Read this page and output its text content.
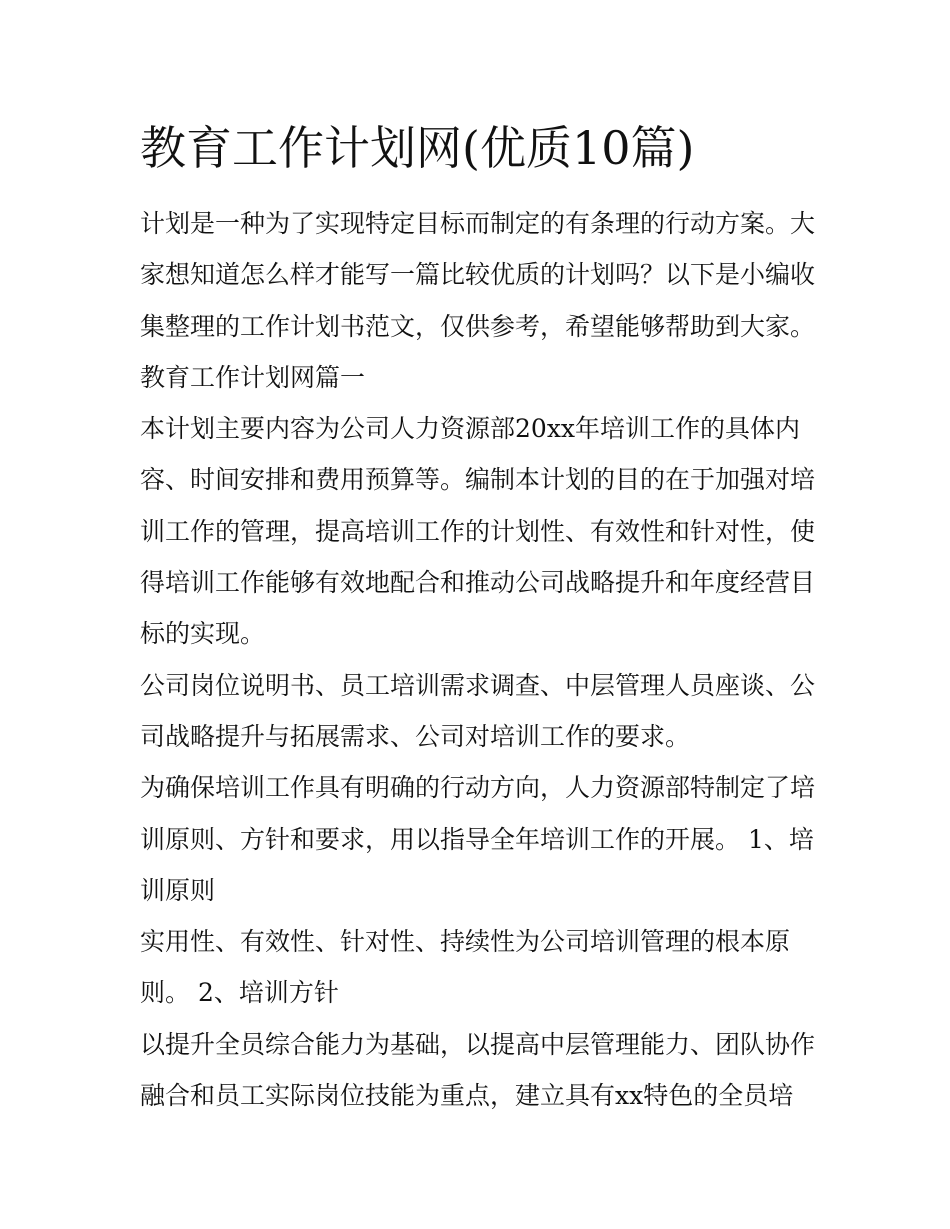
教育工作计划网(优质10篇)
计划是一种为了实现特定目标而制定的有条理的行动方案。大
家想知道怎么样才能写一篇比较优质的计划吗？以下是小编收
集整理的工作计划书范文，仅供参考，希望能够帮助到大家。
教育工作计划网篇一
本计划主要内容为公司人力资源部20xx年培训工作的具体内
容、时间安排和费用预算等。编制本计划的目的在于加强对培
训工作的管理，提高培训工作的计划性、有效性和针对性，使
得培训工作能够有效地配合和推动公司战略提升和年度经营目
标的实现。
公司岗位说明书、员工培训需求调查、中层管理人员座谈、公
司战略提升与拓展需求、公司对培训工作的要求。
为确保培训工作具有明确的行动方向，人力资源部特制定了培
训原则、方针和要求，用以指导全年培训工作的开展。 1、培
训原则
实用性、有效性、针对性、持续性为公司培训管理的根本原
则。 2、培训方针
以提升全员综合能力为基础，以提高中层管理能力、团队协作
融合和员工实际岗位技能为重点，建立具有xx特色的全员培
